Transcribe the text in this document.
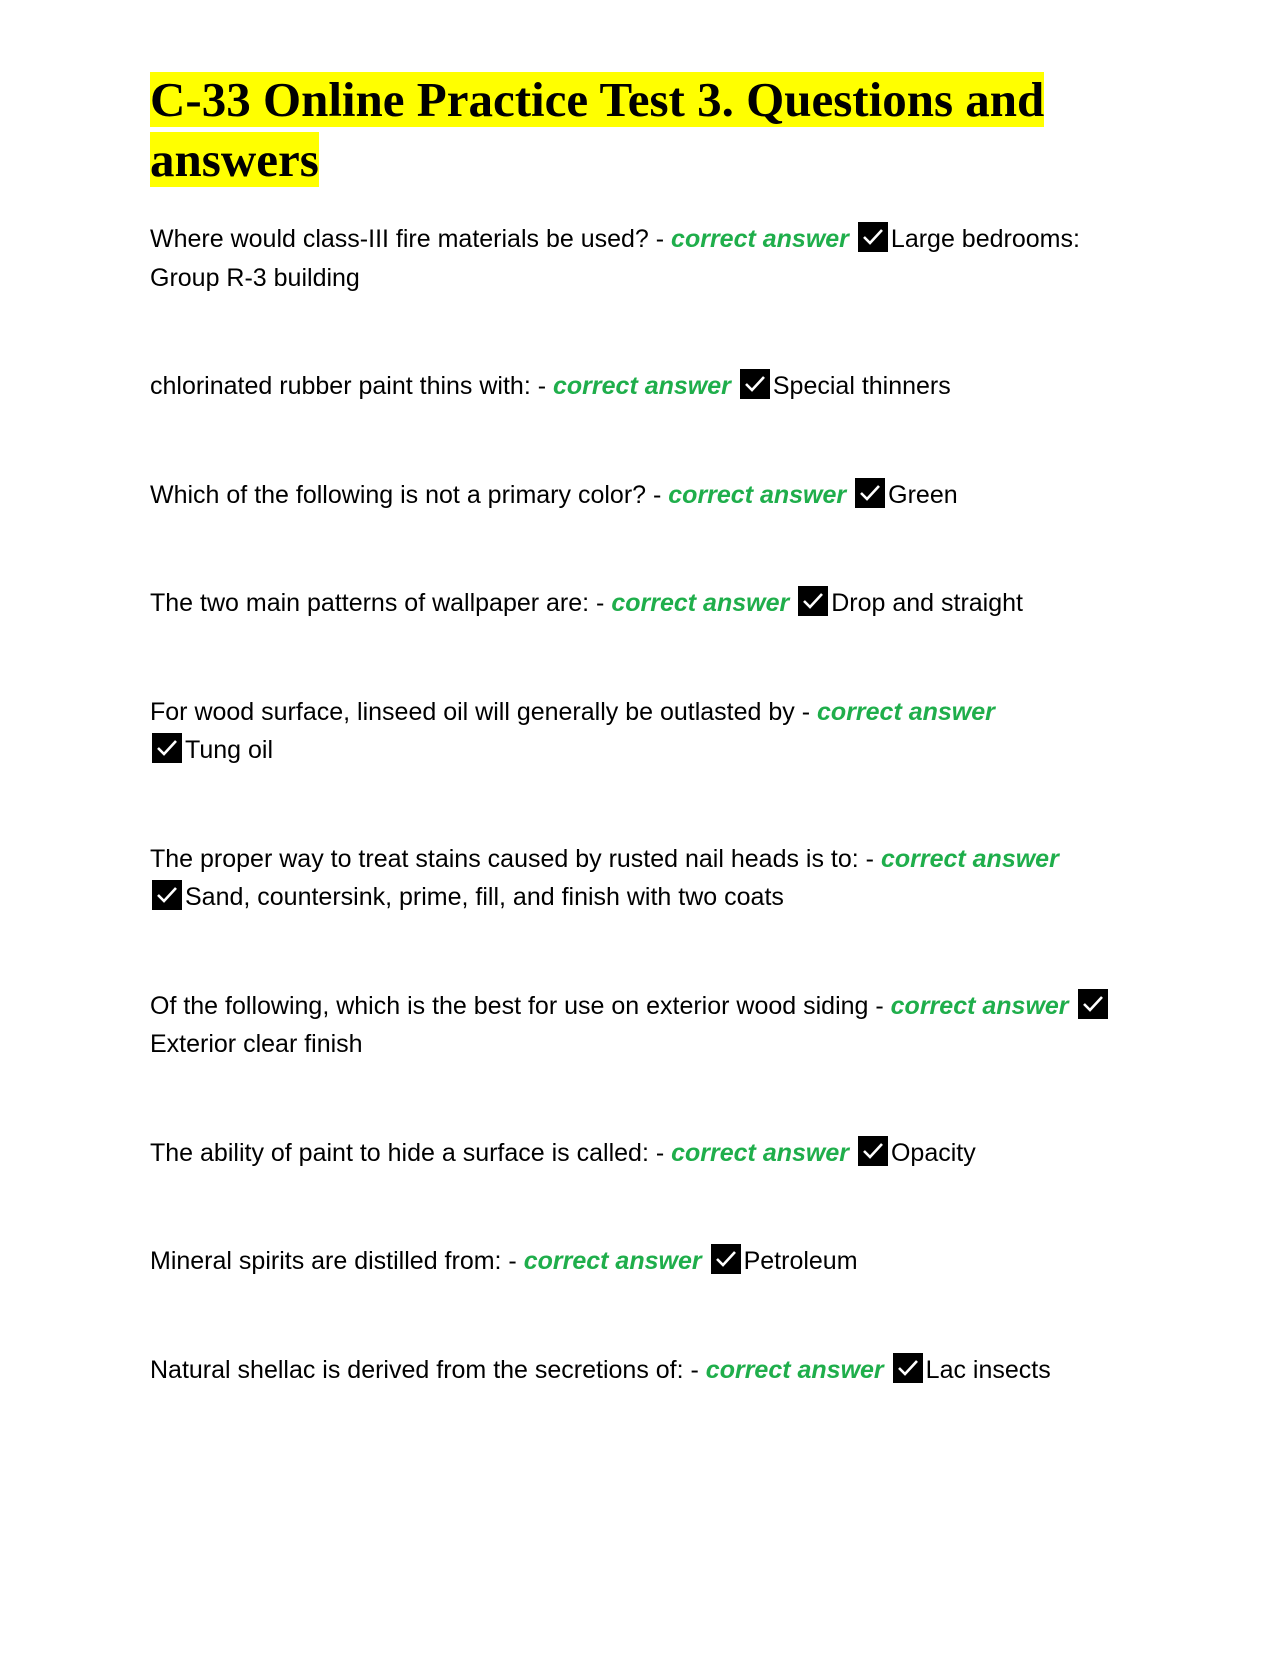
C-33 Online Practice Test 3. Questions and answers

Where would class-III fire materials be used? - correct answer Large bedrooms: Group R-3 building

chlorinated rubber paint thins with: - correct answer Special thinners

Which of the following is not a primary color? - correct answer Green

The two main patterns of wallpaper are: - correct answer Drop and straight

For wood surface, linseed oil will generally be outlasted by - correct answer

Tung oil

The proper way to treat stains caused by rusted nail heads is to: - correct answer

Sand, countersink, prime, fill, and finish with two coats

Of the following, which is the best for use on exterior wood siding - correct answer
Exterior clear finish

The ability of paint to hide a surface is called: - correct answer Opacity

Mineral spirits are distilled from: - correct answer Petroleum

Natural shellac is derived from the secretions of: - correct answer Lac insects
